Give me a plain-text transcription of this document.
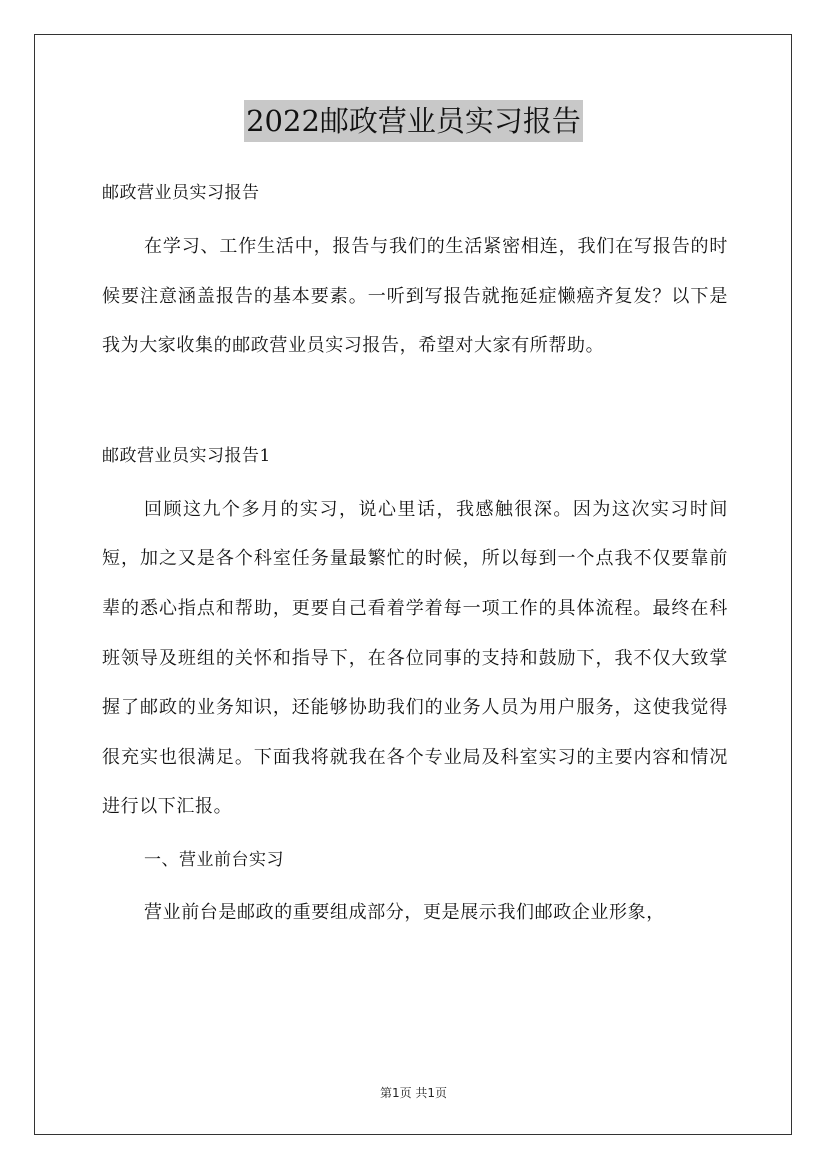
2022邮政营业员实习报告

邮政营业员实习报告

在学习、工作生活中，报告与我们的生活紧密相连，我们在写报告的时候要注意涵盖报告的基本要素。一听到写报告就拖延症懒癌齐复发？以下是我为大家收集的邮政营业员实习报告，希望对大家有所帮助。

邮政营业员实习报告1

回顾这九个多月的实习，说心里话，我感触很深。因为这次实习时间短，加之又是各个科室任务量最繁忙的时候，所以每到一个点我不仅要靠前辈的悉心指点和帮助，更要自己看着学着每一项工作的具体流程。最终在科班领导及班组的关怀和指导下，在各位同事的支持和鼓励下，我不仅大致掌握了邮政的业务知识，还能够协助我们的业务人员为用户服务，这使我觉得很充实也很满足。下面我将就我在各个专业局及科室实习的主要内容和情况进行以下汇报。

一、营业前台实习

营业前台是邮政的重要组成部分，更是展示我们邮政企业形象，

第1页 共1页
